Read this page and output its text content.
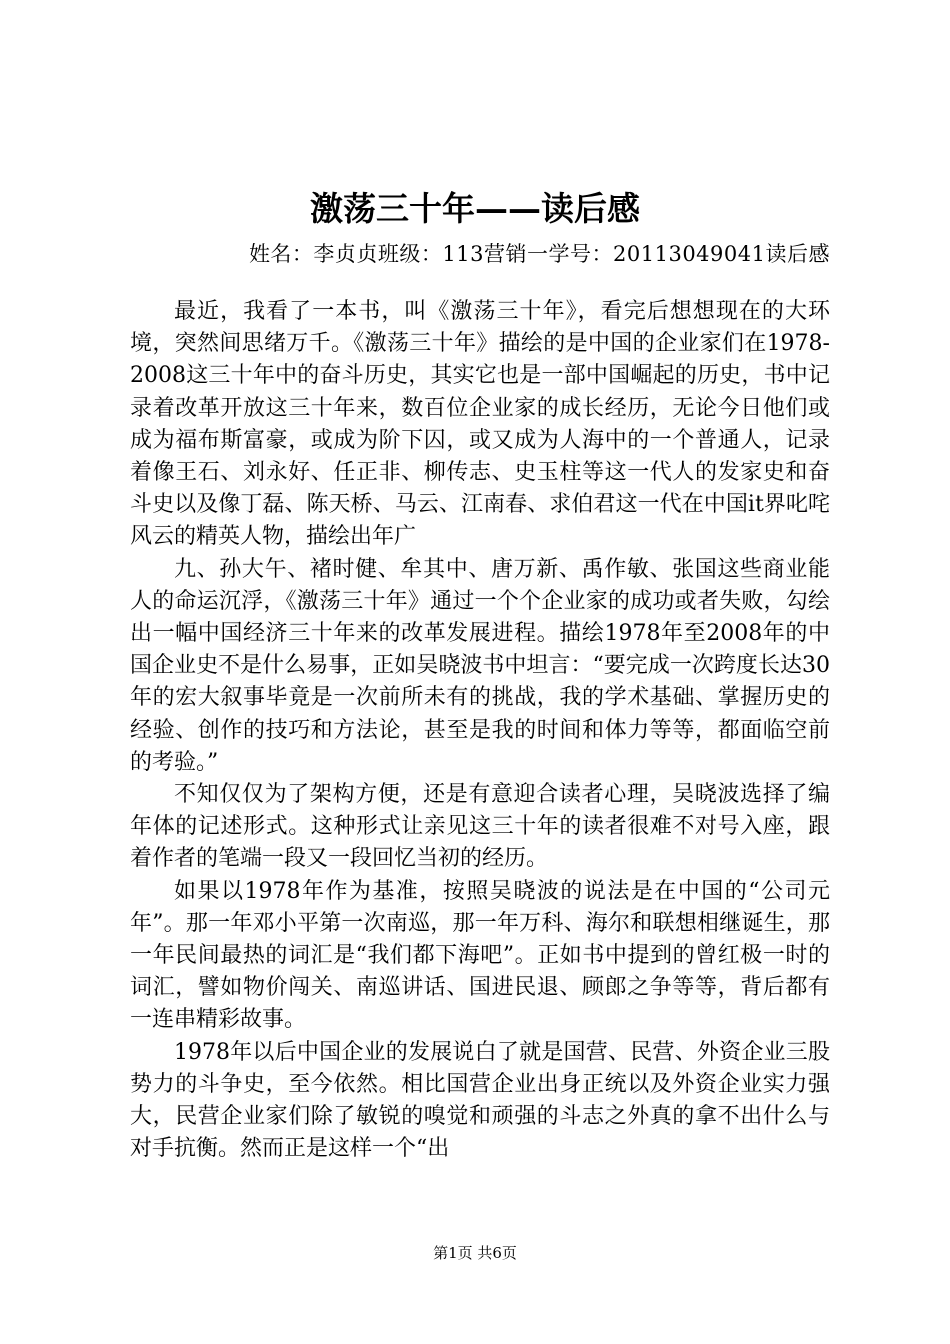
激荡三十年——读后感

姓名：李贞贞班级：113营销一学号：20113049041读后感

最近，我看了一本书，叫《激荡三十年》，看完后想想现在的大环境，突然间思绪万千。《激荡三十年》描绘的是中国的企业家们在1978-2008这三十年中的奋斗历史，其实它也是一部中国崛起的历史，书中记录着改革开放这三十年来，数百位企业家的成长经历，无论今日他们或成为福布斯富豪，或成为阶下囚，或又成为人海中的一个普通人，记录着像王石、刘永好、任正非、柳传志、史玉柱等这一代人的发家史和奋斗史以及像丁磊、陈天桥、马云、江南春、求伯君这一代在中国it界叱咤风云的精英人物，描绘出年广

九、孙大午、褚时健、牟其中、唐万新、禹作敏、张国这些商业能人的命运沉浮，《激荡三十年》通过一个个企业家的成功或者失败，勾绘出一幅中国经济三十年来的改革发展进程。描绘1978年至2008年的中国企业史不是什么易事，正如吴晓波书中坦言：“要完成一次跨度长达30年的宏大叙事毕竟是一次前所未有的挑战，我的学术基础、掌握历史的经验、创作的技巧和方法论，甚至是我的时间和体力等等，都面临空前的考验。”

不知仅仅为了架构方便，还是有意迎合读者心理，吴晓波选择了编年体的记述形式。这种形式让亲见这三十年的读者很难不对号入座，跟着作者的笔端一段又一段回忆当初的经历。

如果以1978年作为基准，按照吴晓波的说法是在中国的“公司元年”。那一年邓小平第一次南巡，那一年万科、海尔和联想相继诞生，那一年民间最热的词汇是“我们都下海吧”。正如书中提到的曾红极一时的词汇，譬如物价闯关、南巡讲话、国进民退、顾郎之争等等，背后都有一连串精彩故事。

1978年以后中国企业的发展说白了就是国营、民营、外资企业三股势力的斗争史，至今依然。相比国营企业出身正统以及外资企业实力强大，民营企业家们除了敏锐的嗅觉和顽强的斗志之外真的拿不出什么与对手抗衡。然而正是这样一个“出

第1页 共6页
